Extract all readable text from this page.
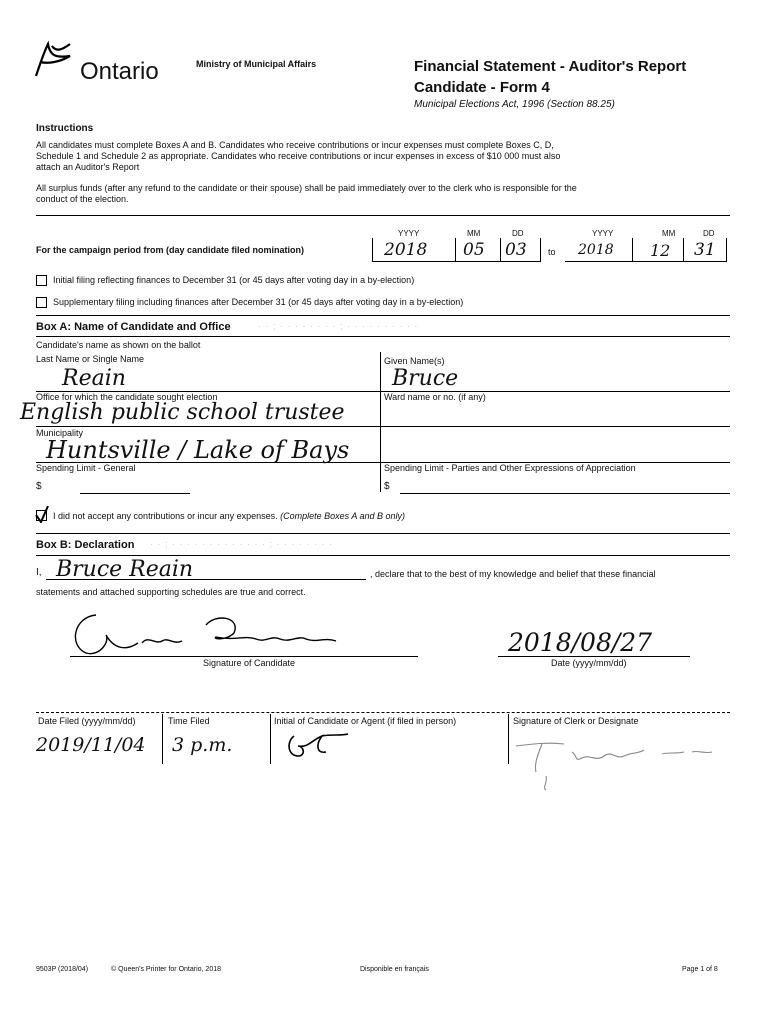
Ontario	Ministry of Municipal Affairs	Financial Statement - Auditor's Report
Candidate - Form 4
Municipal Elections Act, 1996 (Section 88.25)
Instructions
All candidates must complete Boxes A and B. Candidates who receive contributions or incur expenses must complete Boxes C, D,
Schedule 1 and Schedule 2 as appropriate. Candidates who receive contributions or incur expenses in excess of $10 000 must also
attach an Auditor's Report
All surplus funds (after any refund to the candidate or their spouse) shall be paid immediately over to the clerk who is responsible for the
conduct of the election.
For the campaign period from (day candidate filed nomination)
YYYY	MM	DD	YYYY	MM	DD
2018 05 03 to 2018 12 31
Initial filing reflecting finances to December 31 (or 45 days after voting day in a by-election)
Supplementary filing including finances after December 31 (or 45 days after voting day in a by-election)
Box A: Name of Candidate and Office	· · ; · · · · · · · · ; · · · · · · · · · ·
Candidate's name as shown on the ballot
Last Name or Single Name	Given Name(s)
Reain	Bruce
Office for which the candidate sought election	Ward name or no. (if any)
English public school trustee
Municipality
Huntsville / Lake of Bays
Spending Limit - General	Spending Limit - Parties and Other Expressions of Appreciation
$	$
I did not accept any contributions or incur any expenses. (Complete Boxes A and B only)
Box B: Declaration · · ; · · · · · · · · · · · · · ; · · · · · · · ·
I, Bruce Reain	, declare that to the best of my knowledge and belief that these financial
statements and attached supporting schedules are true and correct.
Signature of Candidate
2018/08/27
Date (yyyy/mm/dd)
Date Filed (yyyy/mm/dd)	Time Filed	Initial of Candidate or Agent (if filed in person)	Signature of Clerk or Designate
2019/11/04 3 p.m.
9503P (2018/04)	© Queen's Printer for Ontario, 2018	Disponible en français	Page 1 of 8
